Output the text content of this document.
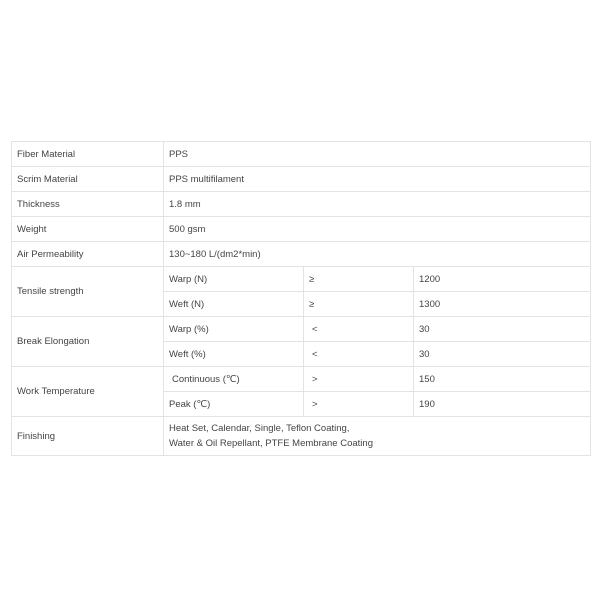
Fiber Material	PPS		
Scrim Material	PPS multifilament		
Thickness	1.8 mm		
Weight	500 gsm		
Air Permeability	130~180 L/(dm2*min)		
Tensile strength	Warp (N)	≥	1200
	Weft (N)	≥	1300
Break Elongation	Warp (%)	<	30
	Weft (%)	<	30
Work Temperature	Continuous (℃)	>	150
	Peak (℃)	>	190
Finishing	Heat Set, Calendar, Single, Teflon Coating,
Water & Oil Repellant, PTFE Membrane Coating		
